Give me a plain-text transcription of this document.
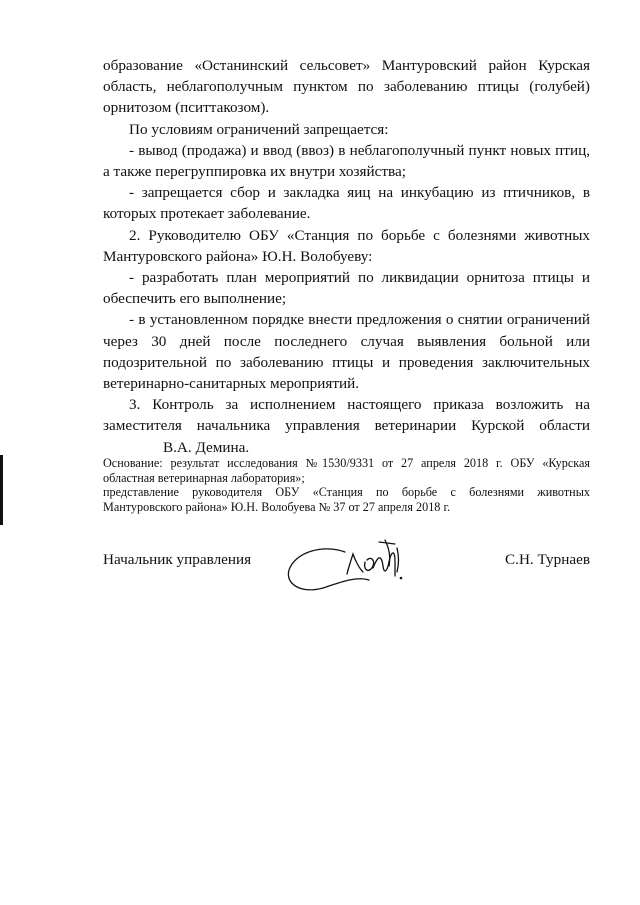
образование «Останинский сельсовет» Мантуровский район Курская область, неблагополучным пунктом по заболеванию птицы (голубей) орнитозом (пситтакозом).

По условиям ограничений запрещается:

- вывод (продажа) и ввод (ввоз) в неблагополучный пункт новых птиц, а также перегруппировка их внутри хозяйства;

- запрещается сбор и закладка яиц на инкубацию из птичников, в которых протекает заболевание.

2. Руководителю ОБУ «Станция по борьбе с болезнями животных Мантуровского района» Ю.Н. Волобуеву:

- разработать план мероприятий по ликвидации орнитоза птицы и обеспечить его выполнение;

- в установленном порядке внести предложения о снятии ограничений через 30 дней после последнего случая выявления больной или подозрительной по заболеванию птицы и проведения заключительных ветеринарно-санитарных мероприятий.

3. Контроль за исполнением настоящего приказа возложить на заместителя начальника управления ветеринарии Курской областиВ.А. Демина.

Основание: результат исследования №1530/9331 от 27 апреля 2018 г. ОБУ «Курская областная ветеринарная лаборатория»;

представление руководителя ОБУ «Станция по борьбе с болезнями животных Мантуровского района» Ю.Н. Волобуева № 37 от 27 апреля 2018 г.

Начальник управления	С.Н. Турнаев
